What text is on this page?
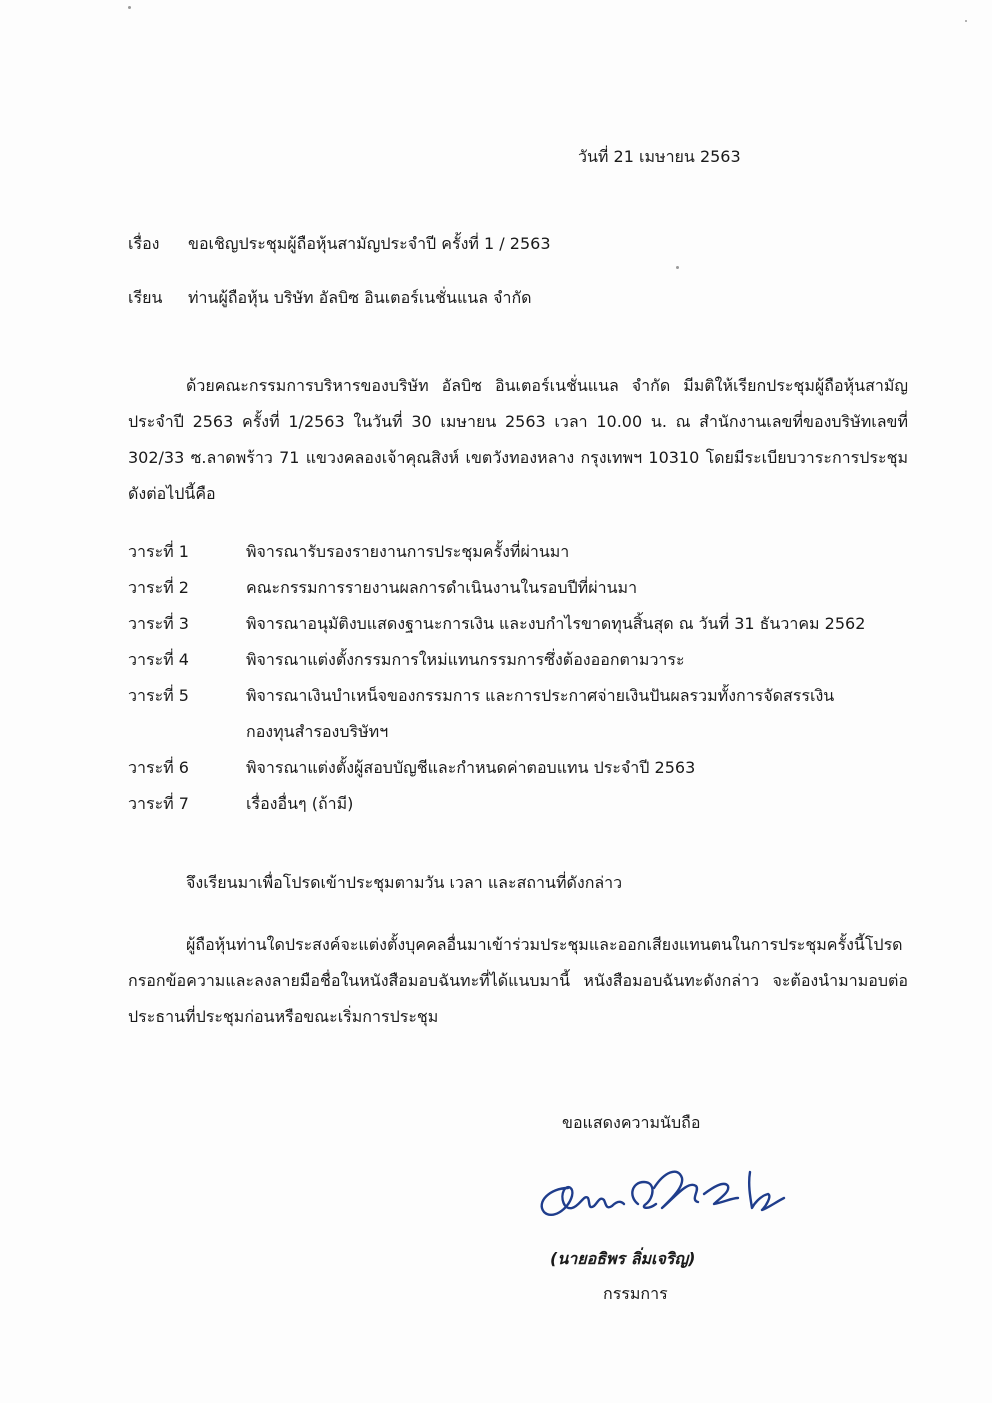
วันที่ 21 เมษายน 2563
เรื่อง ขอเชิญประชุมผู้ถือหุ้นสามัญประจำปี ครั้งที่ 1 / 2563
เรียน ท่านผู้ถือหุ้น บริษัท อัลบิซ อินเตอร์เนชั่นแนล จำกัด
ด้วยคณะกรรมการบริหารของบริษัท อัลบิซ อินเตอร์เนชั่นแนล จำกัด มีมติให้เรียกประชุมผู้ถือหุ้นสามัญประจำปี 2563 ครั้งที่ 1/2563 ในวันที่ 30 เมษายน 2563 เวลา 10.00 น. ณ สำนักงานเลขที่ของบริษัทเลขที่ 302/33 ซ.ลาดพร้าว 71 แขวงคลองเจ้าคุณสิงห์ เขตวังทองหลาง กรุงเทพฯ 10310 โดยมีระเบียบวาระการประชุมดังต่อไปนี้คือ
วาระที่ 1	พิจารณารับรองรายงานการประชุมครั้งที่ผ่านมา
วาระที่ 2	คณะกรรมการรายงานผลการดำเนินงานในรอบปีที่ผ่านมา
วาระที่ 3	พิจารณาอนุมัติงบแสดงฐานะการเงิน และงบกำไรขาดทุนสิ้นสุด ณ วันที่ 31 ธันวาคม 2562
วาระที่ 4	พิจารณาแต่งตั้งกรรมการใหม่แทนกรรมการซึ่งต้องออกตามวาระ
วาระที่ 5	พิจารณาเงินบำเหน็จของกรรมการ และการประกาศจ่ายเงินปันผลรวมทั้งการจัดสรรเงินกองทุนสำรองบริษัทฯ
วาระที่ 6	พิจารณาแต่งตั้งผู้สอบบัญชีและกำหนดค่าตอบแทน ประจำปี 2563
วาระที่ 7	เรื่องอื่นๆ (ถ้ามี)
จึงเรียนมาเพื่อโปรดเข้าประชุมตามวัน เวลา และสถานที่ดังกล่าว
ผู้ถือหุ้นท่านใดประสงค์จะแต่งตั้งบุคคลอื่นมาเข้าร่วมประชุมและออกเสียงแทนตนในการประชุมครั้งนี้โปรดกรอกข้อความและลงลายมือชื่อในหนังสือมอบฉันทะที่ได้แนบมานี้ หนังสือมอบฉันทะดังกล่าว จะต้องนำมามอบต่อประธานที่ประชุมก่อนหรือขณะเริ่มการประชุม
ขอแสดงความนับถือ
(นายอธิพร ลิ่มเจริญ)
กรรมการ
